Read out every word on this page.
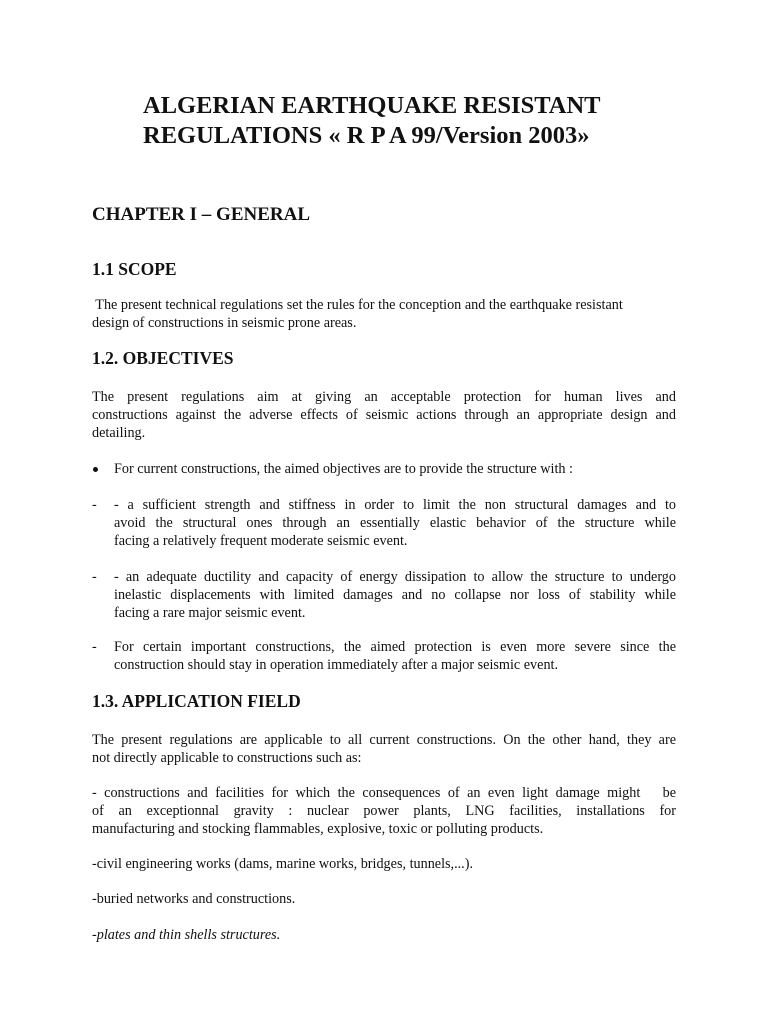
ALGERIAN EARTHQUAKE RESISTANT
REGULATIONS « R P A 99/Version 2003»
CHAPTER I – GENERAL
1.1 SCOPE

The present technical regulations set the rules for the conception and the earthquake resistant
design of constructions in seismic prone areas.

1.2. OBJECTIVES

The present regulations aim at giving an acceptable protection for human lives and
constructions against the adverse effects of seismic actions through an appropriate design and
detailing.

For current constructions, the aimed objectives are to provide the structure with :
-	- a sufficient strength and stiffness in order to limit the non structural damages and to
avoid the structural ones through an essentially elastic behavior of the structure while
facing a relatively frequent moderate seismic event.
-	- an adequate ductility and capacity of energy dissipation to allow the structure to undergo
inelastic displacements with limited damages and no collapse nor loss of stability while
facing a rare major seismic event.
-	For certain important constructions, the aimed protection is even more severe since the
construction should stay in operation immediately after a major seismic event.
1.3. APPLICATION FIELD

The present regulations are applicable to all current constructions. On the other hand, they are
not directly applicable to constructions such as:

- constructions and facilities for which the consequences of an even light damage might   be
of an exceptionnal gravity : nuclear power plants, LNG facilities, installations for
manufacturing and stocking flammables, explosive, toxic or polluting products.

-civil engineering works (dams, marine works, bridges, tunnels,...).

-buried networks and constructions.

-plates and thin shells structures.
